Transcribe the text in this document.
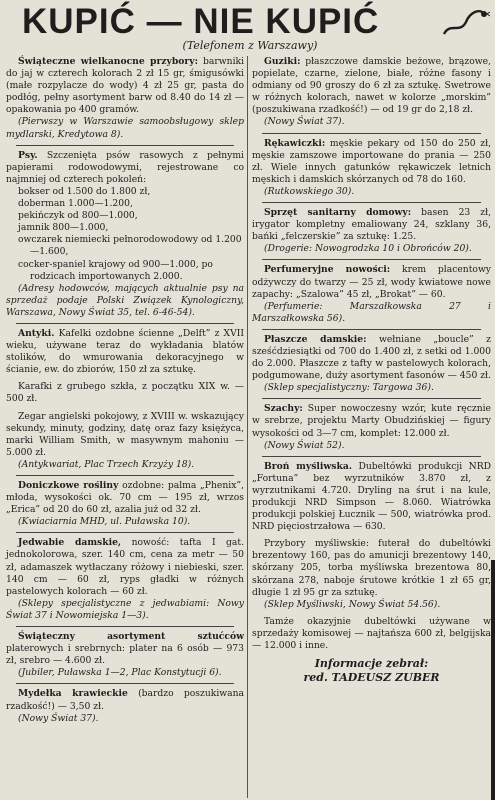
KUPIĆ — NIE KUPIĆ
(Telefonem z Warszawy)

Świąteczne wielkanocne przybory: barwniki do jaj w czterech kolorach 2 zł 15 gr, śmigusówki (małe rozpylacze do wody) 4 zł 25 gr, pasta do podłóg, pełny asortyment barw od 8.40 do 14 zł — opakowania po 400 gramów.

(Pierwszy w Warszawie samoobsługowy sklep mydlarski, Kredytowa 8).

Psy. Szczenięta psów rasowych z pełnymi papierami rodowodowymi, rejestrowane co najmniej od czterech pokoleń:

bokser od 1.500 do 1.800 zł,

doberman 1.000—1.200,

pekińczyk od 800—1.000,

jamnik 800—1.000,

owczarek niemiecki pełnorodowodowy od 1.200—1.600,

cocker-spaniel krajowy od 900—1.000, po rodzicach importowanych 2.000.

(Adresy hodowców, mających aktualnie psy na sprzedaż podaje Polski Związek Kynologiczny, Warszawa, Nowy Świat 35, tel. 6-46-54).

Antyki. Kafelki ozdobne ścienne „Delft” z XVII wieku, używane teraz do wykładania blatów stolików, do wmurowania dekoracyjnego w ścianie, ew. do zbiorów, 150 zł za sztukę.

Karafki z grubego szkła, z początku XIX w. — 500 zł.

Zegar angielski pokojowy, z XVIII w. wskazujący sekundy, minuty, godziny, datę oraz fazy księżyca, marki William Smith, w masywnym mahoniu — 5.000 zł.

(Antykwariat, Plac Trzech Krzyży 18).

Doniczkowe rośliny ozdobne: palma „Phenix”, młoda, wysokości ok. 70 cm — 195 zł, wrzos „Erica” od 20 do 60 zł, azalia już od 32 zł.

(Kwiaciarnia MHD, ul. Puławska 10).

Jedwabie damskie, nowość: tafta I gat. jednokolorowa, szer. 140 cm, cena za metr — 50 zł, adamaszek wytłaczany różowy i niebieski, szer. 140 cm — 60 zł, ryps gładki w różnych pastelowych kolorach — 60 zł.

(Sklepy specjalistyczne z jedwabiami: Nowy Świat 37 i Nowomiejska 1—3).

Świąteczny asortyment sztućców platerowych i srebrnych: plater na 6 osób — 973 zł, srebro — 4.600 zł.

(Jubiler, Puławska 1—2, Plac Konstytucji 6).

Mydełka krawieckie (bardzo poszukiwana rzadkość!) — 3,50 zł.

(Nowy Świat 37).

Guziki: płaszczowe damskie beżowe, brązowe, popielate, czarne, zielone, białe, różne fasony i odmiany od 90 groszy do 6 zł za sztukę. Swetrowe w różnych kolorach, nawet w kolorze „morskim” (poszukiwana rzadkość!) — od 19 gr do 2,18 zł.

(Nowy Świat 37).

Rękawiczki: męskie pekary od 150 do 250 zł, męskie zamszowe importowane do prania — 250 zł. Wiele innych gatunków rękawiczek letnich męskich i damskich skórzanych od 78 do 160.

(Rutkowskiego 30).

Sprzęt sanitarny domowy: basen 23 zł, irygator kompletny emaliowany 24, szklany 36, bańki „felczerskie” za sztukę: 1.25.

(Drogerie: Nowogrodzka 10 i Obrońców 20).

Perfumeryjne nowości: krem placentowy odżywczy do twarzy — 25 zł, wody kwiatowe nowe zapachy: „Szalowa” 45 zł, „Brokat” — 60.

(Perfumerie: Marszałkowska 27 i Marszałkowska 56).

Płaszcze damskie: wełniane „boucle” z sześćdziesiątki od 700 do 1.400 zł, z setki od 1.000 do 2.000. Płaszcze z tafty w pastelowych kolorach, podgumowane, duży asortyment fasonów — 450 zł.

(Sklep specjalistyczny: Targowa 36).

Szachy: Super nowoczesny wzór, kute ręcznie w srebrze, projektu Marty Obudzińskiej — figury wysokości od 3—7 cm, komplet: 12.000 zł.

(Nowy Świat 52).

Broń myśliwska. Dubeltówki produkcji NRD „Fortuna” bez wyrzutników 3.870 zł, z wyrzutnikami 4.720. Dryling na śrut i na kule, produkcji NRD Simpson — 8.060. Wiatrówka produkcji polskiej Łucznik — 500, wiatrówka prod. NRD pięciostrzałowa — 630.

Przybory myśliwskie: futerał do dubeltówki brezentowy 160, pas do amunicji brezentowy 140, skórzany 205, torba myśliwska brezentowa 80, skórzana 278, naboje śrutowe krótkie 1 zł 65 gr, długie 1 zł 95 gr za sztukę.

(Sklep Myśliwski, Nowy Świat 54.56).

Tamże okazyjnie dubeltówki używane w sprzedaży komisowej — najtańsza 600 zł, belgijska — 12.000 i inne.

Informacje zebrał:
red. TADEUSZ ZUBER
